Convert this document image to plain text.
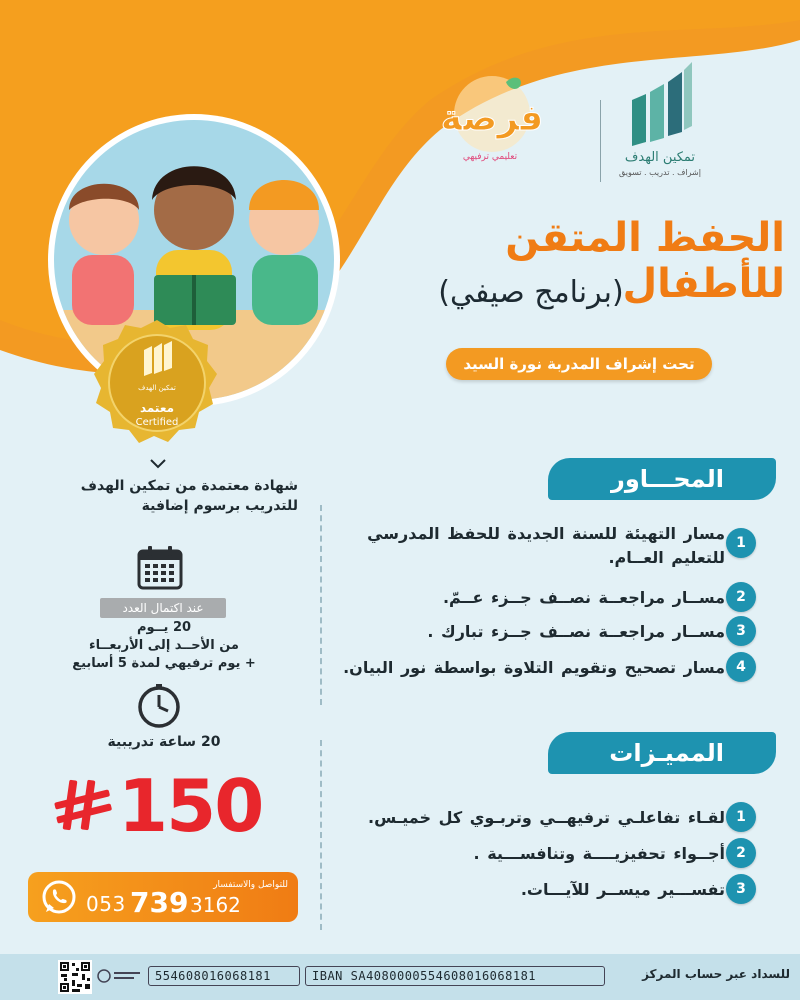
تمكين الهدف
معتمد
Certified
تمكين الهدف
إشراف . تدريب . تسويق
فرصة
تعليمي ترفيهي
الحفظ المتقن للأطفال
(برنامج صيفي)
تحت إشراف المدربة نورة السيد
شهادة معتمدة من تمكين الهدف للتدريب برسوم إضافية
عند اكتمال العدد
20 يــوم
من الأحــد إلى الأربعــاء
+ يوم ترفيهي لمدة 5 أسابيع
20 ساعة تدريبية
150
للتواصل والاستفسار
053 739 3162
المحـــاور
مسار التهيئة للسنة الجديدة للحفظ المدرسي للتعليم العــام.
1
مســار مراجعــة نصــف جــزء عــمّ. 2
مســار مراجعــة نصــف جــزء تبارك . 3
مسار تصحيح وتقويم التلاوة بواسطة نور البيان. 4
المميـزات
لقـاء تفاعلـي ترفيهــي وتربـوي كل خميـس. 1
أجــواء تحفيزيــــة وتنافســـية . 2
تفســـير ميســر للآيـــات. 3
للسداد عبر حساب المركز
IBAN SA4080000554608016068181
554608016068181
